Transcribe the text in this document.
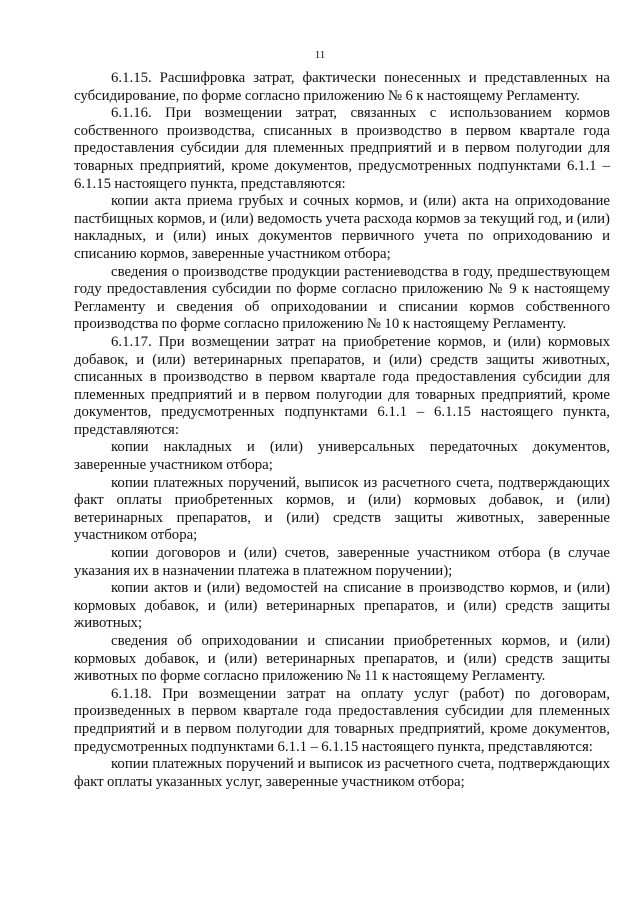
11

6.1.15. Расшифровка затрат, фактически понесенных и представленных на субсидирование, по форме согласно приложению № 6 к настоящему Регламенту.

6.1.16. При возмещении затрат, связанных с использованием кормов собственного производства, списанных в производство в первом квартале года предоставления субсидии для племенных предприятий и в первом полугодии для товарных предприятий, кроме документов, предусмотренных подпунктами 6.1.1 – 6.1.15 настоящего пункта, представляются:

копии акта приема грубых и сочных кормов, и (или) акта на оприходование пастбищных кормов, и (или) ведомость учета расхода кормов за текущий год, и (или) накладных, и (или) иных документов первичного учета по оприходованию и списанию кормов, заверенные участником отбора;

сведения о производстве продукции растениеводства в году, предшествующем году предоставления субсидии по форме согласно приложению № 9 к настоящему Регламенту и сведения об оприходовании и списании кормов собственного производства по форме согласно приложению № 10 к настоящему Регламенту.

6.1.17. При возмещении затрат на приобретение кормов, и (или) кормовых добавок, и (или) ветеринарных препаратов, и (или) средств защиты животных, списанных в производство в первом квартале года предоставления субсидии для племенных предприятий и в первом полугодии для товарных предприятий, кроме документов, предусмотренных подпунктами 6.1.1 – 6.1.15 настоящего пункта, представляются:

копии накладных и (или) универсальных передаточных документов, заверенные участником отбора;

копии платежных поручений, выписок из расчетного счета, подтверждающих факт оплаты приобретенных кормов, и (или) кормовых добавок, и (или) ветеринарных препаратов, и (или) средств защиты животных, заверенные участником отбора;

копии договоров и (или) счетов, заверенные участником отбора (в случае указания их в назначении платежа в платежном поручении);

копии актов и (или) ведомостей на списание в производство кормов, и (или) кормовых добавок, и (или) ветеринарных препаратов, и (или) средств защиты животных;

сведения об оприходовании и списании приобретенных кормов, и (или) кормовых добавок, и (или) ветеринарных препаратов, и (или) средств защиты животных по форме согласно приложению № 11 к настоящему Регламенту.

6.1.18. При возмещении затрат на оплату услуг (работ) по договорам, произведенных в первом квартале года предоставления субсидии для племенных предприятий и в первом полугодии для товарных предприятий, кроме документов, предусмотренных подпунктами 6.1.1 – 6.1.15 настоящего пункта, представляются:

копии платежных поручений и выписок из расчетного счета, подтверждающих факт оплаты указанных услуг, заверенные участником отбора;
